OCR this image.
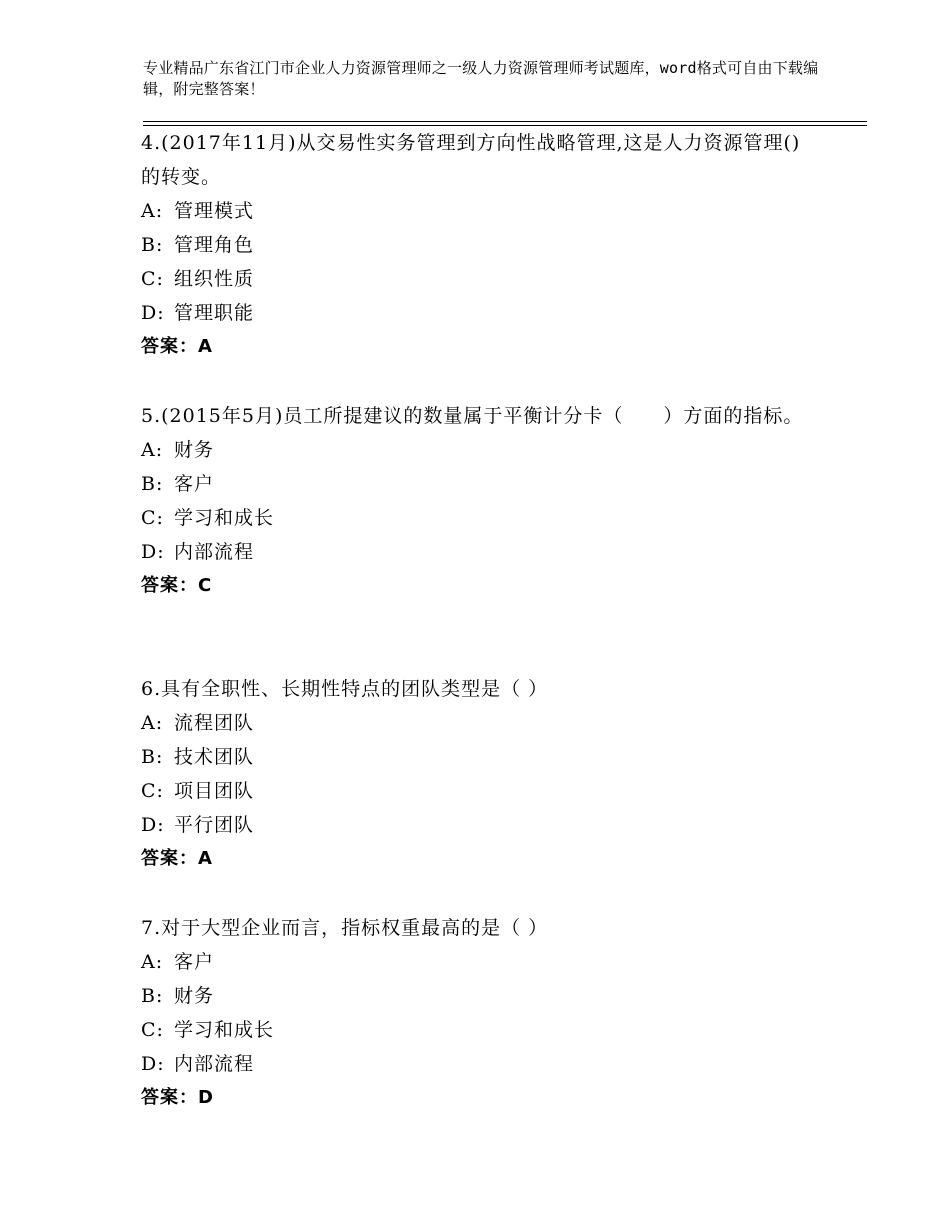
专业精品广东省江门市企业人力资源管理师之一级人力资源管理师考试题库，word格式可自由下载编辑，附完整答案！
4.(2017年11月)从交易性实务管理到方向性战略管理,这是人力资源管理()的转变。
A: 管理模式
B: 管理角色
C: 组织性质
D: 管理职能
答案：A
5.(2015年5月)员工所提建议的数量属于平衡计分卡（　　）方面的指标。
A: 财务
B: 客户
C: 学习和成长
D: 内部流程
答案：C
6.具有全职性、长期性特点的团队类型是（ ）
A: 流程团队
B: 技术团队
C: 项目团队
D: 平行团队
答案：A
7.对于大型企业而言，指标权重最高的是（ ）
A: 客户
B: 财务
C: 学习和成长
D: 内部流程
答案：D
